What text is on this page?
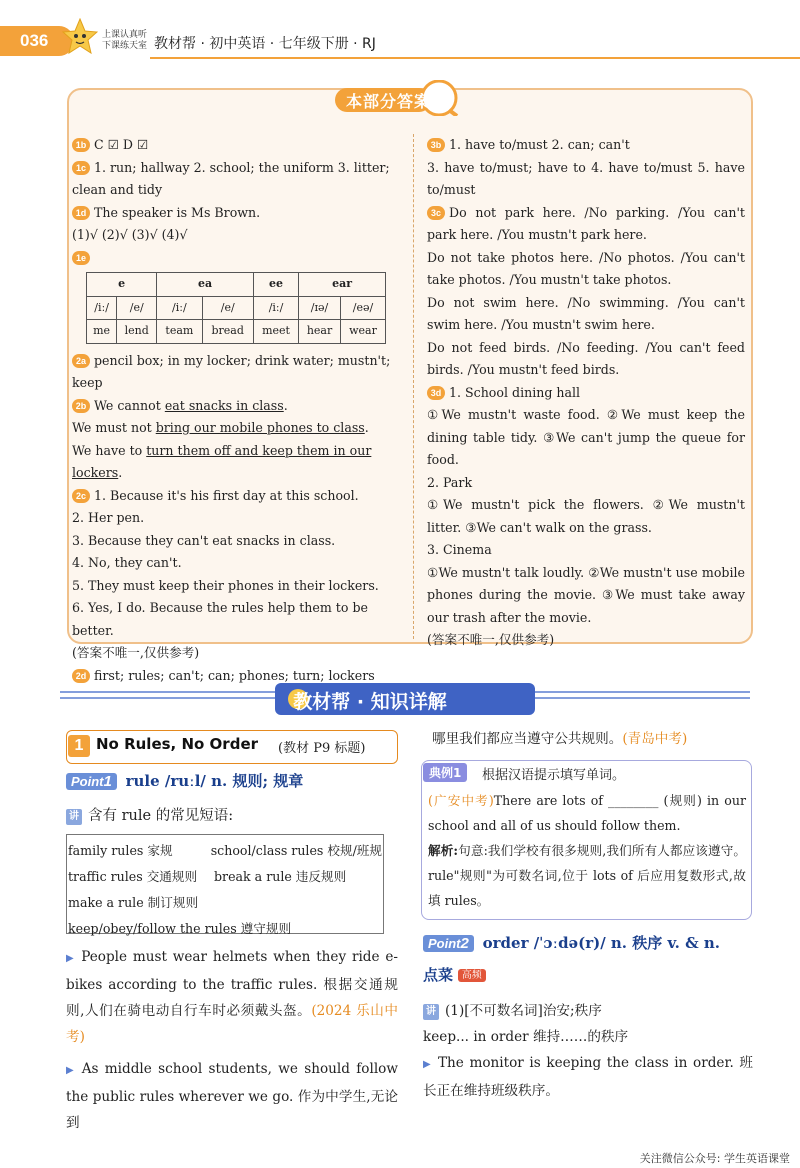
036	上课认真听
下课练天室 教材帮 · 初中英语 · 七年级下册 · RJ
本部分答案

1b C ☑ D ☑

1c 1. run; hallway 2. school; the uniform 3. litter; clean and tidy

1d The speaker is Ms Brown.

(1)√ (2)√ (3)√ (4)√

1e

e		ea		ee	ear	
/iː/	/e/	/iː/	/e/	/iː/	/ɪə/	/eə/
me	lend	team	bread	meet	hear	wear

2a pencil box; in my locker; drink water; mustn't; keep

2b We cannot eat snacks in class.

We must not bring our mobile phones to class.

We have to turn them off and keep them in our lockers.

2c 1. Because it's his first day at this school.

2. Her pen.

3. Because they can't eat snacks in class.

4. No, they can't.

5. They must keep their phones in their lockers.

6. Yes, I do. Because the rules help them to be better.

(答案不唯一,仅供参考)

2d first; rules; can't; can; phones; turn; lockers

3b 1. have to/must 2. can; can't

3. have to/must; have to 4. have to/must 5. have to/must

3c Do not park here. /No parking. /You can't park here. /You mustn't park here.

Do not take photos here. /No photos. /You can't take photos. /You mustn't take photos.

Do not swim here. /No swimming. /You can't swim here. /You mustn't swim here.

Do not feed birds. /No feeding. /You can't feed birds. /You mustn't feed birds.

3d 1. School dining hall

①We mustn't waste food. ②We must keep the dining table tidy. ③We can't jump the queue for food.

2. Park

①We mustn't pick the flowers. ②We mustn't litter. ③We can't walk on the grass.

3. Cinema

①We mustn't talk loudly. ②We mustn't use mobile phones during the movie. ③We must take away our trash after the movie.

(答案不唯一,仅供参考)

教材帮 · 知识详解
1 No Rules, No Order (教材 P9 标题)
Point1 rule /ruːl/ n. 规则; 规章
讲 含有 rule 的常见短语:
family rules 家规	school/class rules 校规/班规
traffic rules 交通规则	break a rule 违反规则
make a rule 制订规则
keep/obey/follow the rules 遵守规则

▶ People must wear helmets when they ride e-bikes according to the traffic rules. 根据交通规则,人们在骑电动自行车时必须戴头盔。(2024 乐山中考)

▶ As middle school students, we should follow the public rules wherever we go. 作为中学生,无论到

哪里我们都应当遵守公共规则。(青岛中考)
典例1	根据汉语提示填写单词。

(广安中考)There are lots of ________ (规则) in our school and all of us should follow them.

解析:句意:我们学校有很多规则,我们所有人都应该遵守。rule"规则"为可数名词,位于 lots of 后应用复数形式,故填 rules。

Point2 order /ˈɔːdə(r)/ n. 秩序 v. & n.
点菜 高频

讲 (1)[不可数名词]治安;秩序

keep... in order 维持……的秩序

▶ The monitor is keeping the class in order. 班长正在维持班级秩序。

关注微信公众号: 学生英语课堂
